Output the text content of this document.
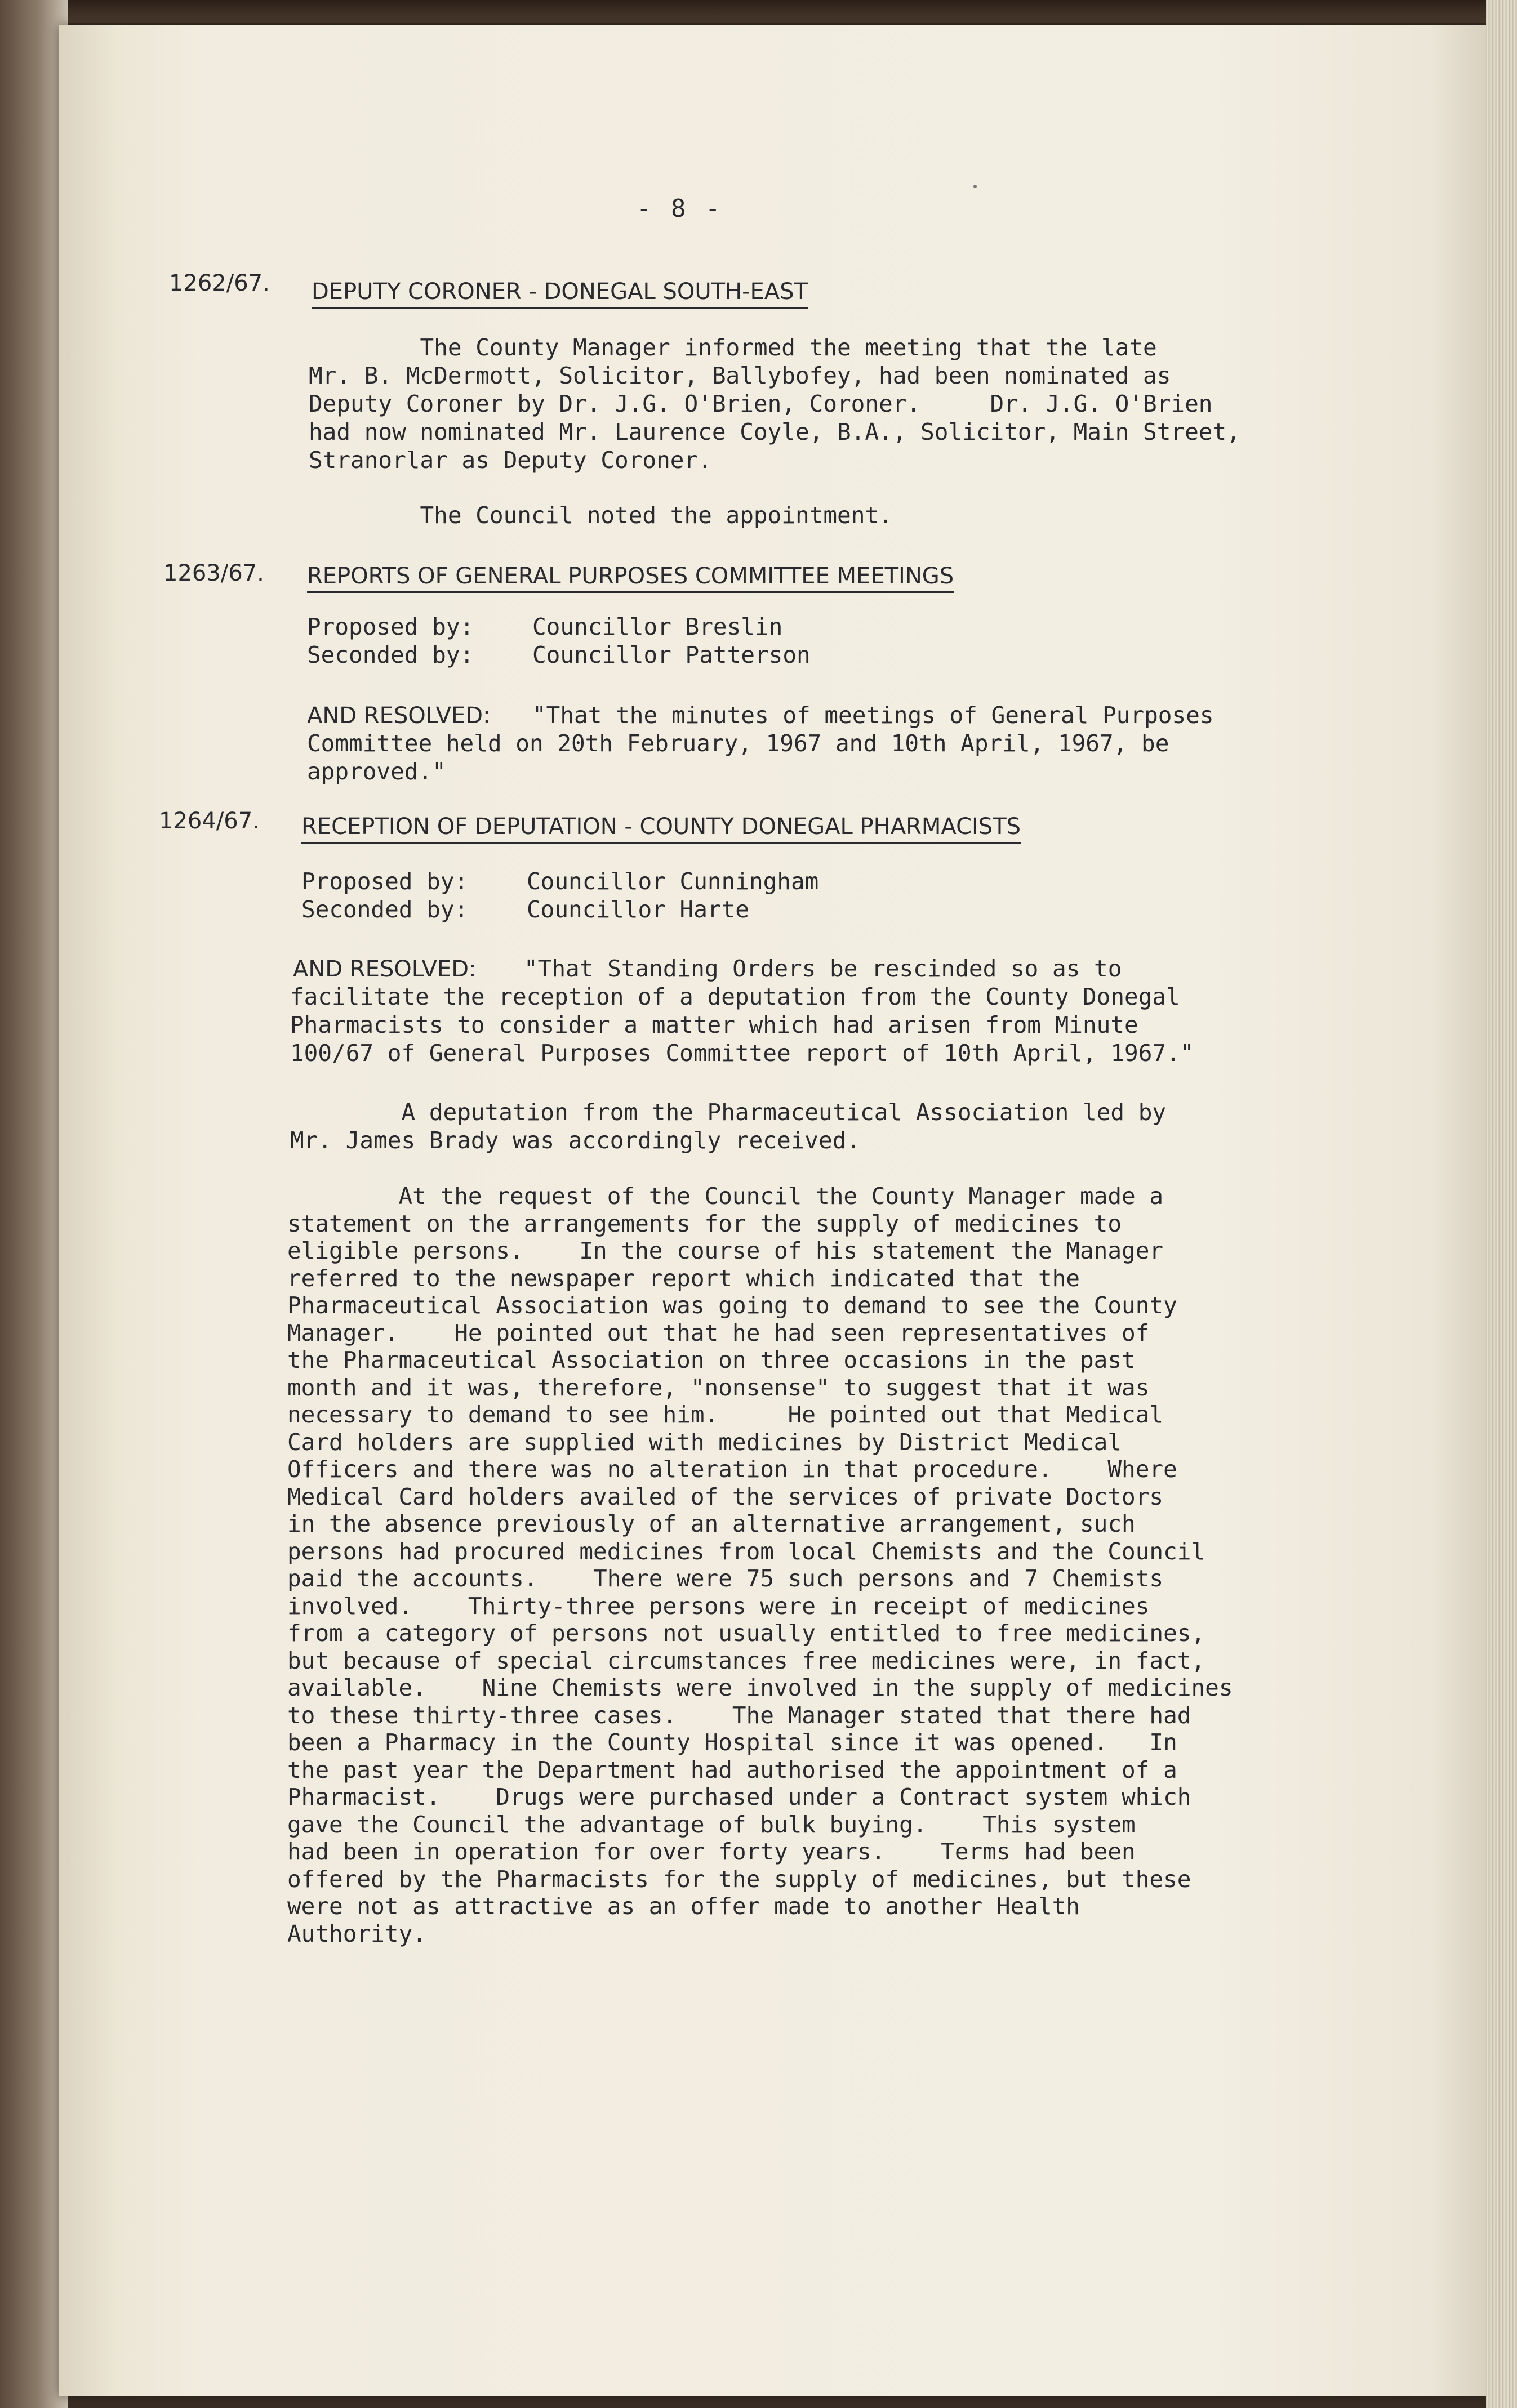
- 8 -
1262/67. DEPUTY CORONER - DONEGAL SOUTH-EAST
The County Manager informed the meeting that the late
Mr. B. McDermott, Solicitor, Ballybofey, had been nominated as
Deputy Coroner by Dr. J.G. O'Brien, Coroner.     Dr. J.G. O'Brien
had now nominated Mr. Laurence Coyle, B.A., Solicitor, Main Street,
Stranorlar as Deputy Coroner.
The Council noted the appointment.
1263/67. REPORTS OF GENERAL PURPOSES COMMITTEE MEETINGS
Proposed by:	Councillor Breslin
Seconded by:	Councillor Patterson
AND RESOLVED: "That the minutes of meetings of General Purposes
Committee held on 20th February, 1967 and 10th April, 1967, be
approved."
1264/67. RECEPTION OF DEPUTATION - COUNTY DONEGAL PHARMACISTS
Proposed by:	Councillor Cunningham
Seconded by:	Councillor Harte
AND RESOLVED: "That Standing Orders be rescinded so as to
facilitate the reception of a deputation from the County Donegal
Pharmacists to consider a matter which had arisen from Minute
100/67 of General Purposes Committee report of 10th April, 1967."
A deputation from the Pharmaceutical Association led by
Mr. James Brady was accordingly received.
At the request of the Council the County Manager made a
statement on the arrangements for the supply of medicines to
eligible persons.    In the course of his statement the Manager
referred to the newspaper report which indicated that the
Pharmaceutical Association was going to demand to see the County
Manager.    He pointed out that he had seen representatives of
the Pharmaceutical Association on three occasions in the past
month and it was, therefore, "nonsense" to suggest that it was
necessary to demand to see him.     He pointed out that Medical
Card holders are supplied with medicines by District Medical
Officers and there was no alteration in that procedure.    Where
Medical Card holders availed of the services of private Doctors
in the absence previously of an alternative arrangement, such
persons had procured medicines from local Chemists and the Council
paid the accounts.    There were 75 such persons and 7 Chemists
involved.    Thirty-three persons were in receipt of medicines
from a category of persons not usually entitled to free medicines,
but because of special circumstances free medicines were, in fact,
available.    Nine Chemists were involved in the supply of medicines
to these thirty-three cases.    The Manager stated that there had
been a Pharmacy in the County Hospital since it was opened.   In
the past year the Department had authorised the appointment of a
Pharmacist.    Drugs were purchased under a Contract system which
gave the Council the advantage of bulk buying.    This system
had been in operation for over forty years.    Terms had been
offered by the Pharmacists for the supply of medicines, but these
were not as attractive as an offer made to another Health
Authority.
